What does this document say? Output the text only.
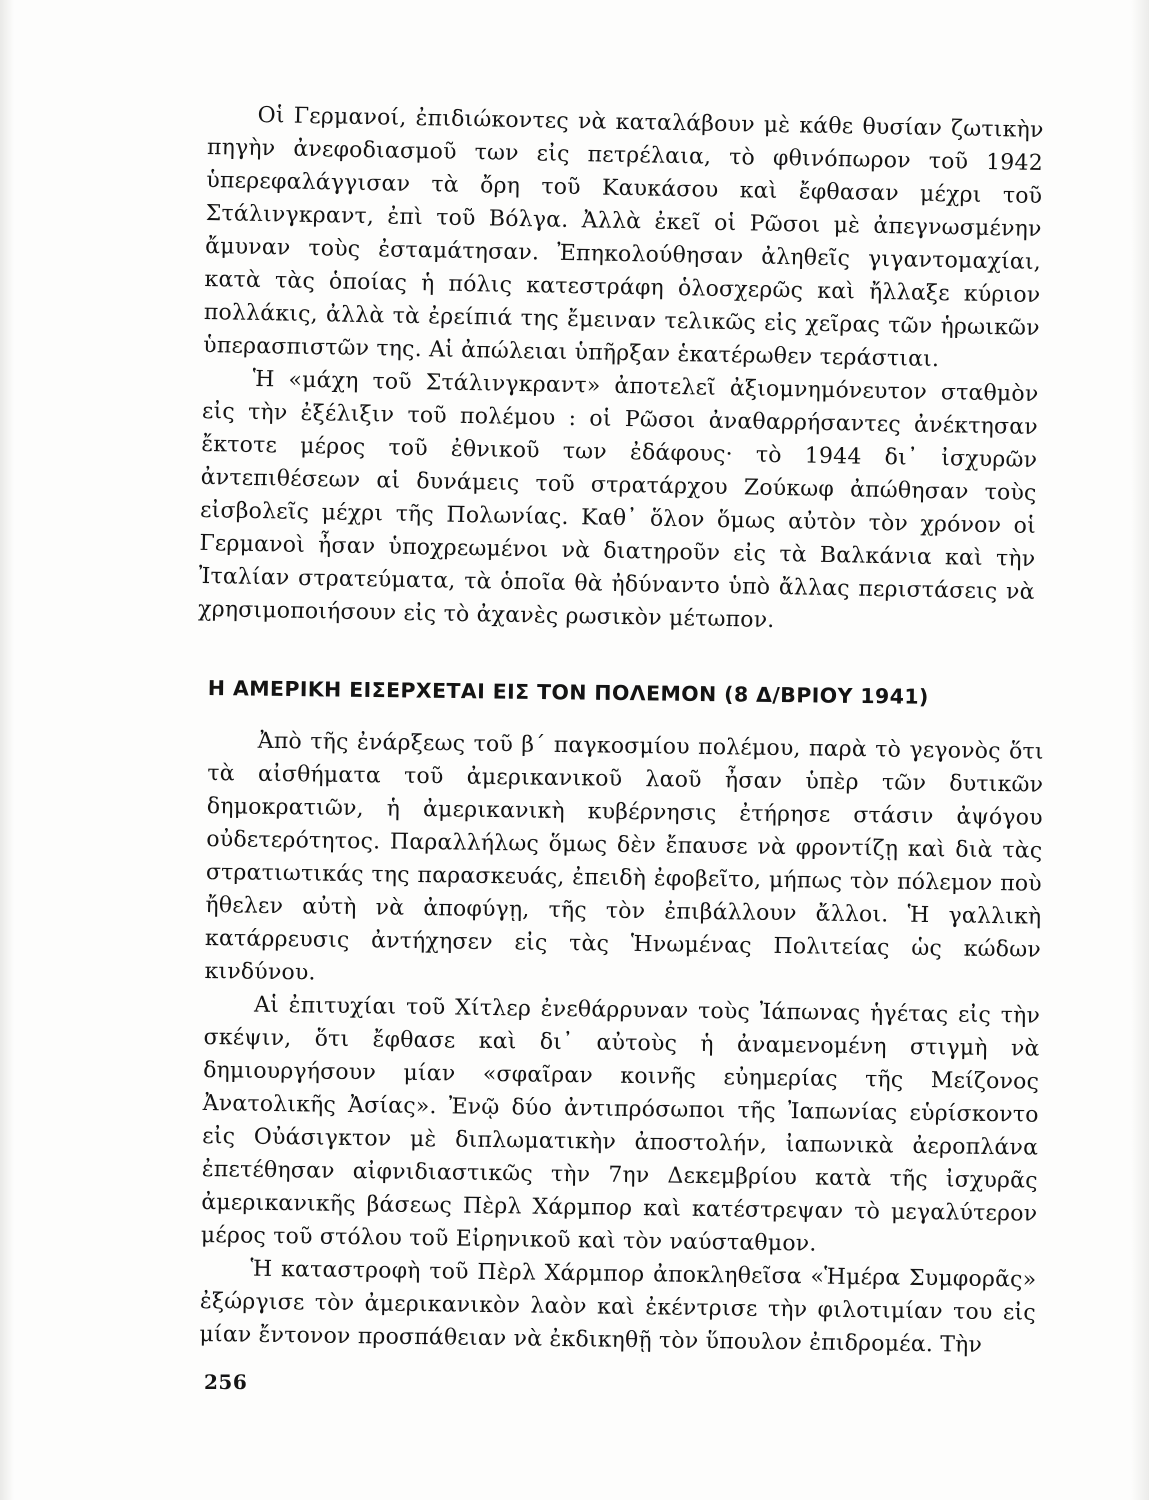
Οἱ Γερμανοί, ἐπιδιώκοντες νὰ καταλάβουν μὲ κάθε θυσίαν ζωτικὴν πηγὴν ἀνεφοδιασμοῦ των εἰς πετρέλαια, τὸ φθινόπωρον τοῦ 1942 ὑπερεφαλάγγισαν τὰ ὄρη τοῦ Καυκάσου καὶ ἔφθασαν μέχρι τοῦ Στάλινγκραντ, ἐπὶ τοῦ Βόλγα. Ἀλλὰ ἐκεῖ οἱ Ρῶσοι μὲ ἀπεγνωσμένην ἄμυναν τοὺς ἐσταμάτησαν. Ἐπηκολούθησαν ἀληθεῖς γιγαντομαχίαι, κατὰ τὰς ὁποίας ἡ πόλις κατεστράφη ὁλοσχερῶς καὶ ἤλλαξε κύριον πολλάκις, ἀλλὰ τὰ ἐρείπιά της ἔμειναν τελικῶς εἰς χεῖρας τῶν ἡρωικῶν ὑπερασπιστῶν της. Αἱ ἀπώλειαι ὑπῆρξαν ἑκατέρωθεν τεράστιαι.

Ἡ «μάχη τοῦ Στάλινγκραντ» ἀποτελεῖ ἀξιομνημόνευτον σταθμὸν εἰς τὴν ἐξέλιξιν τοῦ πολέμου : οἱ Ρῶσοι ἀναθαρρήσαντες ἀνέκτησαν ἔκτοτε μέρος τοῦ ἐθνικοῦ των ἐδάφους· τὸ 1944 δι᾿ ἰσχυρῶν ἀντεπιθέσεων αἱ δυνάμεις τοῦ στρατάρχου Ζούκωφ ἀπώθησαν τοὺς εἰσβολεῖς μέχρι τῆς Πολωνίας. Καθ᾿ ὅλον ὅμως αὐτὸν τὸν χρόνον οἱ Γερμανοὶ ἦσαν ὑποχρεωμένοι νὰ διατηροῦν εἰς τὰ Βαλκάνια καὶ τὴν Ἰταλίαν στρατεύματα, τὰ ὁποῖα θὰ ἠδύναντο ὑπὸ ἄλλας περιστάσεις νὰ χρησιμοποιήσουν εἰς τὸ ἀχανὲς ρωσικὸν μέτωπον.

Η ΑΜΕΡΙΚΗ ΕΙΣΕΡΧΕΤΑΙ ΕΙΣ ΤΟΝ ΠΟΛΕΜΟΝ (8 Δ/ΒΡΙΟΥ 1941)

Ἀπὸ τῆς ἐνάρξεως τοῦ β΄ παγκοσμίου πολέμου, παρὰ τὸ γεγονὸς ὅτι τὰ αἰσθήματα τοῦ ἀμερικανικοῦ λαοῦ ἦσαν ὑπὲρ τῶν δυτικῶν δημοκρατιῶν, ἡ ἀμερικανικὴ κυβέρνησις ἐτήρησε στάσιν ἀψόγου οὐδετερότητος. Παραλλήλως ὅμως δὲν ἔπαυσε νὰ φροντίζῃ καὶ διὰ τὰς στρατιωτικάς της παρασκευάς, ἐπειδὴ ἐφοβεῖτο, μήπως τὸν πόλεμον ποὺ ἤθελεν αὐτὴ νὰ ἀποφύγῃ, τῆς τὸν ἐπιβάλλουν ἄλλοι. Ἡ γαλλικὴ κατάρρευσις ἀντήχησεν εἰς τὰς Ἡνωμένας Πολιτείας ὡς κώδων κινδύνου.

Αἱ ἐπιτυχίαι τοῦ Χίτλερ ἐνεθάρρυναν τοὺς Ἰάπωνας ἡγέτας εἰς τὴν σκέψιν, ὅτι ἔφθασε καὶ δι᾿ αὐτοὺς ἡ ἀναμενομένη στιγμὴ νὰ δημιουργήσουν μίαν «σφαῖραν κοινῆς εὐημερίας τῆς Μείζονος Ἀνατολικῆς Ἀσίας». Ἐνῷ δύο ἀντιπρόσωποι τῆς Ἰαπωνίας εὑρίσκοντο εἰς Οὐάσιγκτον μὲ διπλωματικὴν ἀποστολήν, ἰαπωνικὰ ἀεροπλάνα ἐπετέθησαν αἰφνιδιαστικῶς τὴν 7ην Δεκεμβρίου κατὰ τῆς ἰσχυρᾶς ἀμερικανικῆς βάσεως Πὲρλ Χάρμπορ καὶ κατέστρεψαν τὸ μεγαλύτερον μέρος τοῦ στόλου τοῦ Εἰρηνικοῦ καὶ τὸν ναύσταθμον.

Ἡ καταστροφὴ τοῦ Πὲρλ Χάρμπορ ἀποκληθεῖσα «Ἡμέρα Συμφορᾶς» ἐξώργισε τὸν ἀμερικανικὸν λαὸν καὶ ἐκέντρισε τὴν φιλοτιμίαν του εἰς μίαν ἔντονον προσπάθειαν νὰ ἐκδικηθῇ τὸν ὕπουλον ἐπιδρομέα. Τὴν

256
